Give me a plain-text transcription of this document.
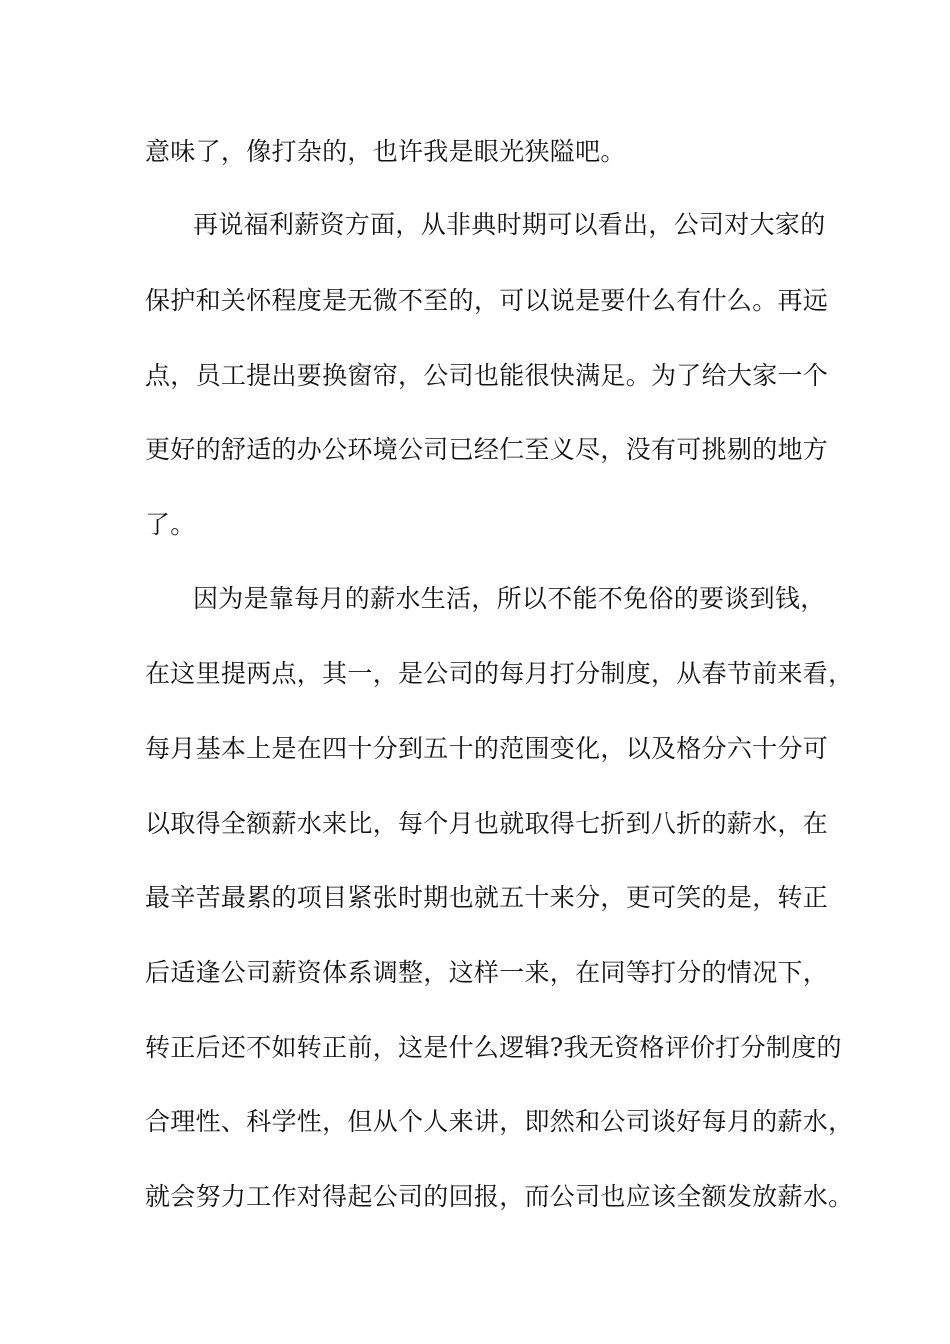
意味了，像打杂的，也许我是眼光狭隘吧。
再说福利薪资方面，从非典时期可以看出，公司对大家的
保护和关怀程度是无微不至的，可以说是要什么有什么。再远
点，员工提出要换窗帘，公司也能很快满足。为了给大家一个
更好的舒适的办公环境公司已经仁至义尽，没有可挑剔的地方
了。
因为是靠每月的薪水生活，所以不能不免俗的要谈到钱，
在这里提两点，其一，是公司的每月打分制度，从春节前来看，
每月基本上是在四十分到五十的范围变化，以及格分六十分可
以取得全额薪水来比，每个月也就取得七折到八折的薪水，在
最辛苦最累的项目紧张时期也就五十来分，更可笑的是，转正
后适逢公司薪资体系调整，这样一来，在同等打分的情况下，
转正后还不如转正前，这是什么逻辑?我无资格评价打分制度的
合理性、科学性，但从个人来讲，即然和公司谈好每月的薪水，
就会努力工作对得起公司的回报，而公司也应该全额发放薪水。
